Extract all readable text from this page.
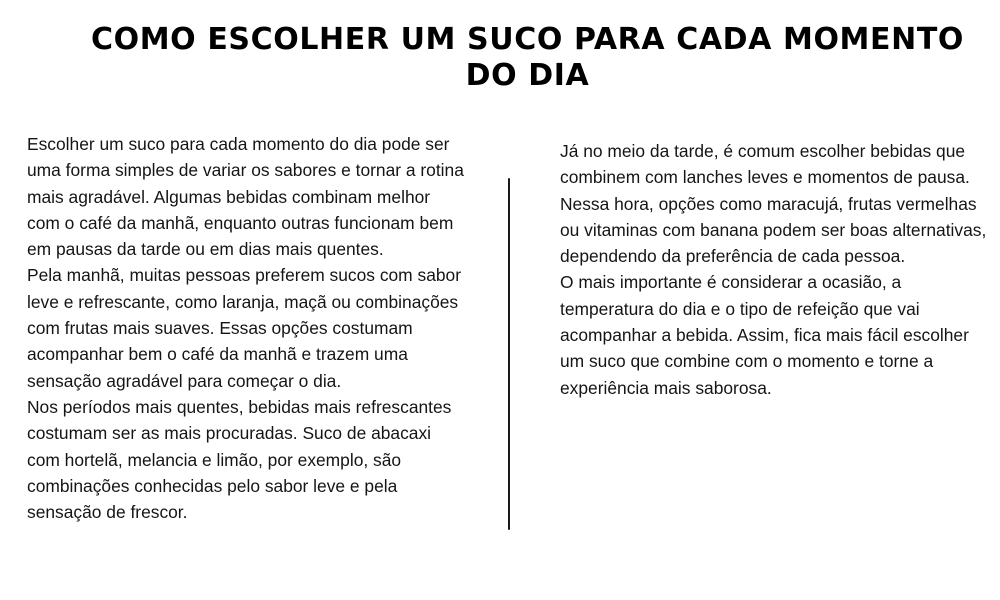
COMO ESCOLHER UM SUCO PARA CADA MOMENTO DO DIA

Escolher um suco para cada momento do dia pode ser uma forma simples de variar os sabores e tornar a rotina mais agradável. Algumas bebidas combinam melhor com o café da manhã, enquanto outras funcionam bem em pausas da tarde ou em dias mais quentes.

Pela manhã, muitas pessoas preferem sucos com sabor leve e refrescante, como laranja, maçã ou combinações com frutas mais suaves. Essas opções costumam acompanhar bem o café da manhã e trazem uma sensação agradável para começar o dia.

Nos períodos mais quentes, bebidas mais refrescantes costumam ser as mais procuradas. Suco de abacaxi com hortelã, melancia e limão, por exemplo, são combinações conhecidas pelo sabor leve e pela sensação de frescor.

Já no meio da tarde, é comum escolher bebidas que combinem com lanches leves e momentos de pausa. Nessa hora, opções como maracujá, frutas vermelhas ou vitaminas com banana podem ser boas alternativas, dependendo da preferência de cada pessoa.

O mais importante é considerar a ocasião, a temperatura do dia e o tipo de refeição que vai acompanhar a bebida. Assim, fica mais fácil escolher um suco que combine com o momento e torne a experiência mais saborosa.
